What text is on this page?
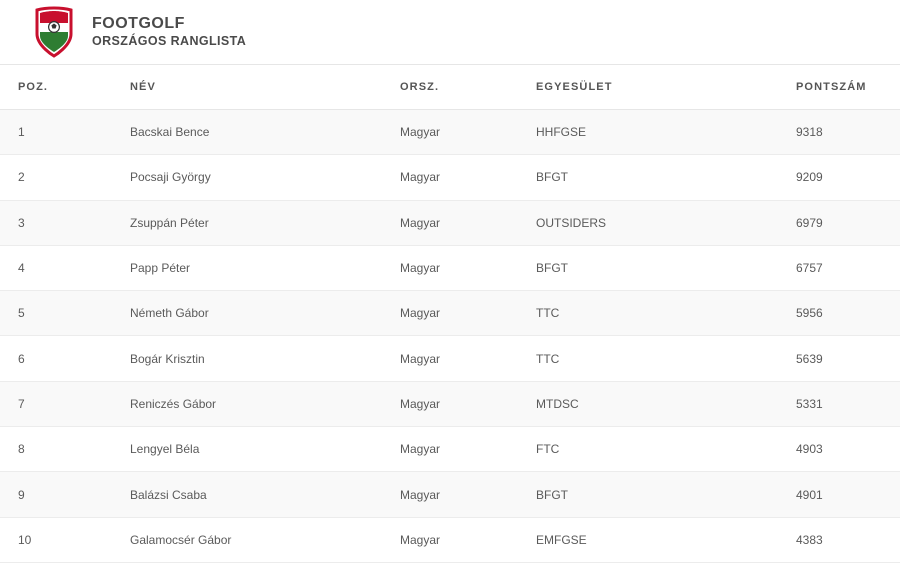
FOOTGOLF
ORSZÁGOS RANGLISTA
POZ.	NÉV	ORSZ.	EGYESÜLET	PONTSZÁM
1	Bacskai Bence	Magyar	HHFGSE	9318
2	Pocsaji György	Magyar	BFGT	9209
3	Zsuppán Péter	Magyar	OUTSIDERS	6979
4	Papp Péter	Magyar	BFGT	6757
5	Németh Gábor	Magyar	TTC	5956
6	Bogár Krisztin	Magyar	TTC	5639
7	Reniczés Gábor	Magyar	MTDSC	5331
8	Lengyel Béla	Magyar	FTC	4903
9	Balázsi Csaba	Magyar	BFGT	4901
10	Galamocsér Gábor	Magyar	EMFGSE	4383
